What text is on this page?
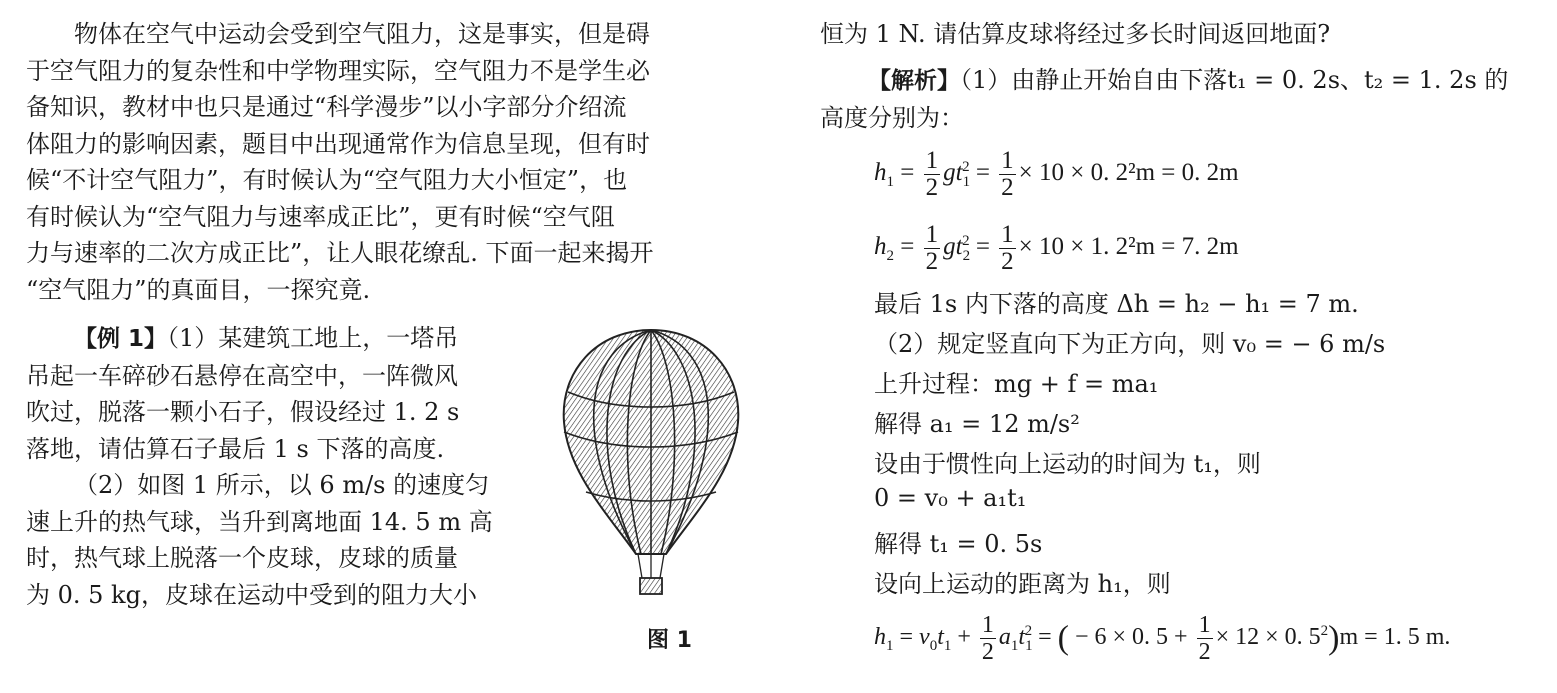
物体在空气中运动会受到空气阻力，这是事实，但是碍

于空气阻力的复杂性和中学物理实际，空气阻力不是学生必

备知识，教材中也只是通过“科学漫步”以小字部分介绍流

体阻力的影响因素，题目中出现通常作为信息呈现，但有时

候“不计空气阻力”，有时候认为“空气阻力大小恒定”，也

有时候认为“空气阻力与速率成正比”，更有时候“空气阻

力与速率的二次方成正比”，让人眼花缭乱. 下面一起来揭开

“空气阻力”的真面目，一探究竟.

【例 1】（1）某建筑工地上，一塔吊

吊起一车碎砂石悬停在高空中，一阵微风

吹过，脱落一颗小石子，假设经过 1. 2 s

落地，请估算石子最后 1 s 下落的高度.

（2）如图 1 所示，以 6 m/s 的速度匀

速上升的热气球，当升到离地面 14. 5 m 高

时，热气球上脱落一个皮球，皮球的质量

为 0. 5 kg，皮球在运动中受到的阻力大小

图 1

恒为 1 N. 请估算皮球将经过多长时间返回地面?

【解析】（1）由静止开始自由下落t₁ = 0. 2s、t₂ = 1. 2s 的

高度分别为：

$h_1 = \frac{1}{2} gt_1^2 = \frac{1}{2} \times 10 \times 0$. 2²m = 0. 2m
$h_2 = \frac{1}{2} gt_2^2 = \frac{1}{2} \times 10 \times 1$. 2²m = 7. 2m
最后 1s 内下落的高度 Δh = h₂ − h₁ = 7 m.
（2）规定竖直向下为正方向，则 v₀ = − 6 m/s
上升过程：mg + f = ma₁
解得 a₁ = 12 m/s²
设由于惯性向上运动的时间为 t₁，则
0 = v₀ + a₁t₁
解得 t₁ = 0. 5s
设向上运动的距离为 h₁，则
$h_1 = v_0t_1 + \frac{1}{2} a_1t_1^2$ = ( − 6 × 0. $5 + \frac{1}{2} \times 12 \times 0$. $5^2)m = 1$. 5 m.
